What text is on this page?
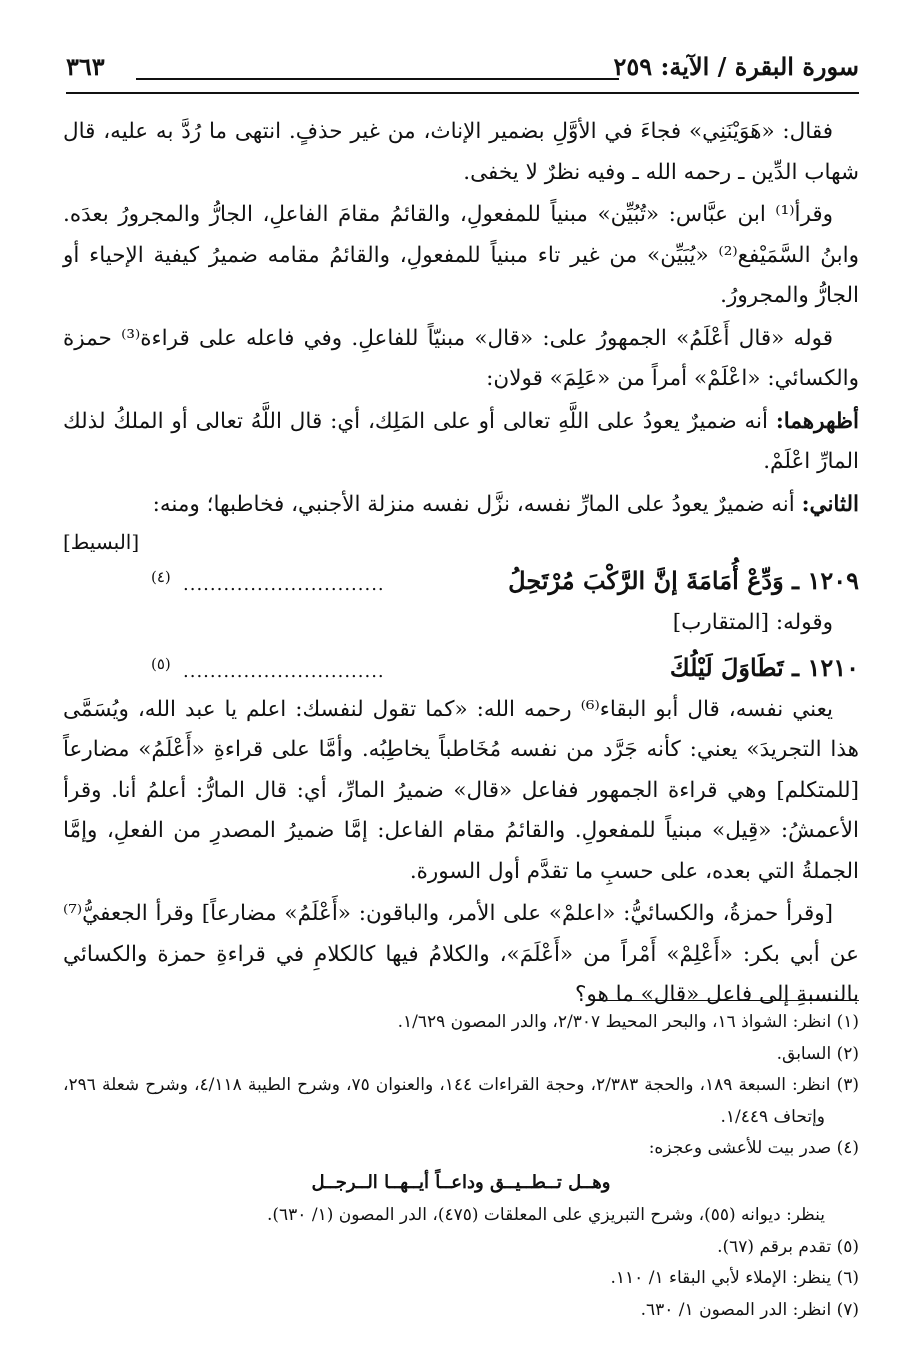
سورة البقرة / الآية: ٢٥٩
٣٦٣

فقال: «هَوَيْنَنِي» فجاءَ في الأوَّلِ بضمير الإناث، من غير حذفٍ. انتهى ما رُدَّ به عليه، قال شهاب الدِّين ـ رحمه الله ـ وفيه نظرٌ لا يخفى.

وقرأ⁽¹⁾ ابن عبَّاس: «تُبُيِّن» مبنياً للمفعولِ، والقائمُ مقامَ الفاعلِ، الجارُّ والمجرورُ بعدَه. وابنُ السَّمَيْفع⁽²⁾ «يُبَيِّن» من غير تاء مبنياً للمفعولِ، والقائمُ مقامه ضميرُ كيفية الإحياء أو الجارُّ والمجرورُ.

قوله «قال أَعْلَمُ» الجمهورُ على: «قال» مبنيّاً للفاعلِ. وفي فاعله على قراءة⁽³⁾ حمزة والكسائي: «اعْلَمْ» أمراً من «عَلِمَ» قولان:

أظهرهما: أنه ضميرٌ يعودُ على اللَّهِ تعالى أو على المَلِك، أي: قال اللَّهُ تعالى أو الملكُ لذلك المارِّ اعْلَمْ.

الثاني: أنه ضميرٌ يعودُ على المارِّ نفسه، نزَّل نفسه منزلة الأجنبي، فخاطبها؛ ومنه:

[البسيط]

١٢٠٩ ـ وَدِّعْ أُمَامَةَ إنَّ الرَّكْبَ مُرْتَحِلُ
..............................
(٤)

وقوله: [المتقارب]

١٢١٠ ـ تَطَاوَلَ لَيْلُكَ
..............................
(٥)

يعني نفسه، قال أبو البقاء⁽⁶⁾ رحمه الله: «كما تقول لنفسك: اعلم يا عبد الله، ويُسَمَّى هذا التجريدَ» يعني: كأنه جَرَّد من نفسه مُخَاطباً يخاطِبُه. وأمَّا على قراءةِ «أَعْلَمُ» مضارعاً [للمتكلم] وهي قراءة الجمهور ففاعل «قال» ضميرُ المارِّ، أي: قال المارُّ: أعلمُ أنا. وقرأ الأعمشُ: «قِيل» مبنياً للمفعولِ. والقائمُ مقام الفاعل: إمَّا ضميرُ المصدرِ من الفعلِ، وإمَّا الجملةُ التي بعده، على حسبِ ما تقدَّم أول السورة.

[وقرأ حمزةُ، والكسائيُّ: «اعلمْ» على الأمر، والباقون: «أَعْلَمُ» مضارعاً] وقرأ الجعفيُّ⁽⁷⁾ عن أبي بكر: «أَعْلِمْ» أَمْراً من «أَعْلَمَ»، والكلامُ فيها كالكلامِ في قراءةِ حمزة والكسائي بالنسبةِ إلى فاعل «قال» ما هو؟

(١) انظر: الشواذ ١٦، والبحر المحيط ٢/٣٠٧، والدر المصون ١/٦٢٩.

(٢) السابق.

(٣) انظر: السبعة ١٨٩، والحجة ٢/٣٨٣، وحجة القراءات ١٤٤، والعنوان ٧٥، وشرح الطيبة ٤/١١٨، وشرح شعلة ٢٩٦، وإتحاف ١/٤٤٩.

(٤) صدر بيت للأعشى وعجزه:

وهــل تــطــيــق وداعــاً أيــهــا الــرجــل

ينظر: ديوانه (٥٥)، وشرح التبريزي على المعلقات (٤٧٥)، الدر المصون (١/ ٦٣٠).

(٥) تقدم برقم (٦٧).

(٦) ينظر: الإملاء لأبي البقاء ١/ ١١٠.

(٧) انظر: الدر المصون ١/ ٦٣٠.
